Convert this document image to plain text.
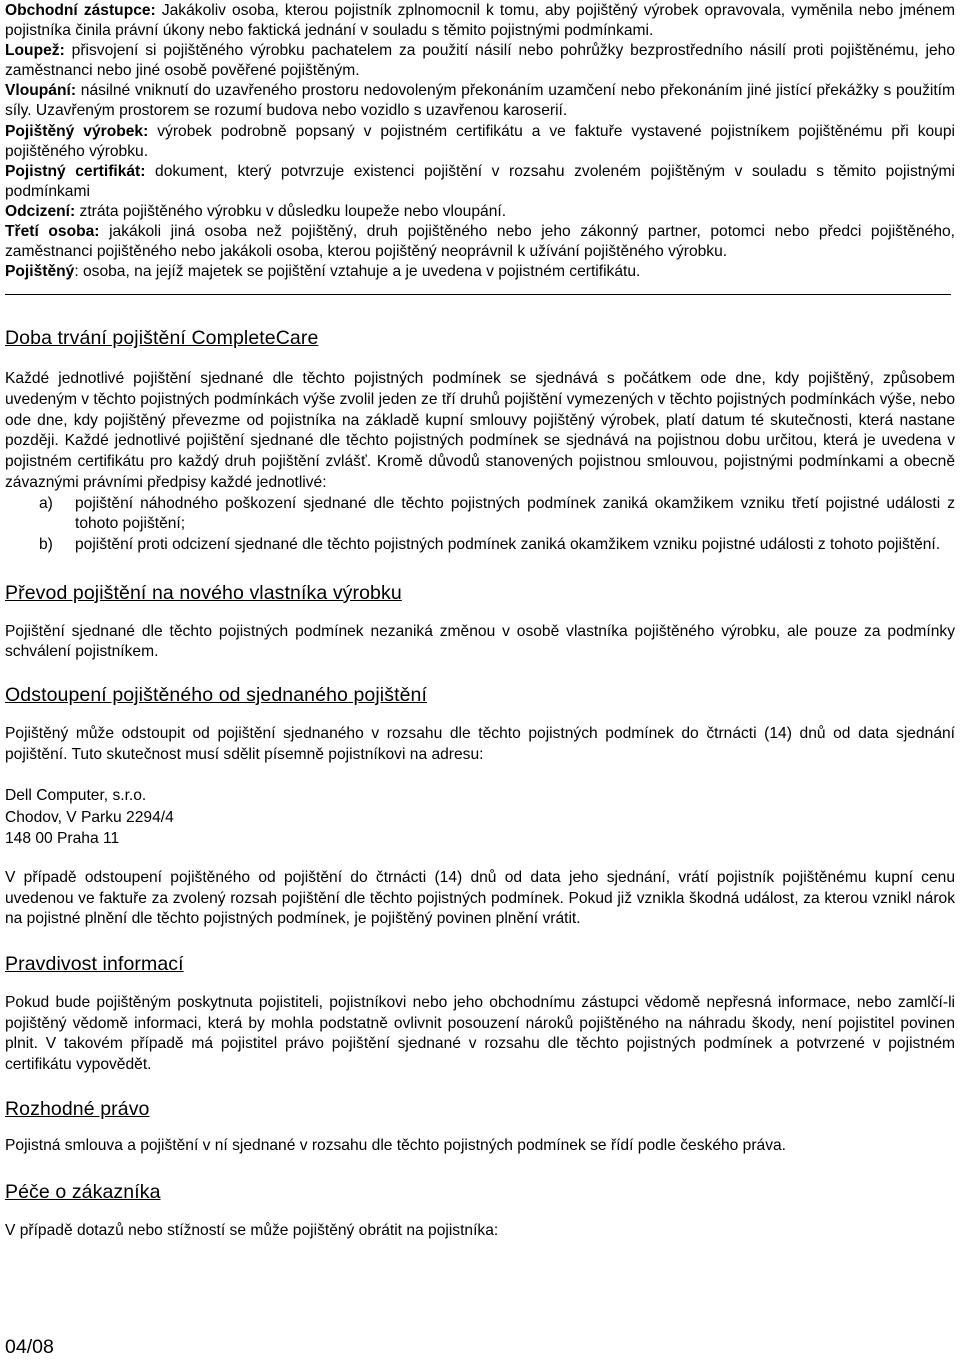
Obchodní zástupce: Jakákoliv osoba, kterou pojistník zplnomocnil k tomu, aby pojištěný výrobek opravovala, vyměnila nebo jménem pojistníka činila právní úkony nebo faktická jednání v souladu s těmito pojistnými podmínkami.

Loupež: přisvojení si pojištěného výrobku pachatelem za použití násilí nebo pohrůžky bezprostředního násilí proti pojištěnému, jeho zaměstnanci nebo jiné osobě pověřené pojištěným.

Vloupání: násilné vniknutí do uzavřeného prostoru nedovoleným překonáním uzamčení nebo překonáním jiné jistící překážky s použitím síly. Uzavřeným prostorem se rozumí budova nebo vozidlo s uzavřenou karoserií.

Pojištěný výrobek: výrobek podrobně popsaný v pojistném certifikátu a ve faktuře vystavené pojistníkem pojištěnému při koupi pojištěného výrobku.

Pojistný certifikát: dokument, který potvrzuje existenci pojištění v rozsahu zvoleném pojištěným v souladu s těmito pojistnými podmínkami

Odcizení: ztráta pojištěného výrobku v důsledku loupeže nebo vloupání.

Třetí osoba: jakákoli jiná osoba než pojištěný, druh pojištěného nebo jeho zákonný partner, potomci nebo předci pojištěného, zaměstnanci pojištěného nebo jakákoli osoba, kterou pojištěný neoprávnil k užívání pojištěného výrobku.

Pojištěný: osoba, na jejíž majetek se pojištění vztahuje a je uvedena v pojistném certifikátu.

Doba trvání pojištění CompleteCare

Každé jednotlivé pojištění sjednané dle těchto pojistných podmínek se sjednává s počátkem ode dne, kdy pojištěný, způsobem uvedeným v těchto pojistných podmínkách výše zvolil jeden ze tří druhů pojištění vymezených v těchto pojistných podmínkách výše, nebo ode dne, kdy pojištěný převezme od pojistníka na základě kupní smlouvy pojištěný výrobek, platí datum té skutečnosti, která nastane později. Každé jednotlivé pojištění sjednané dle těchto pojistných podmínek se sjednává na pojistnou dobu určitou, která je uvedena v pojistném certifikátu pro každý druh pojištění zvlášť. Kromě důvodů stanovených pojistnou smlouvou, pojistnými podmínkami a obecně závaznými právními předpisy každé jednotlivé:

a) pojištění náhodného poškození sjednané dle těchto pojistných podmínek zaniká okamžikem vzniku třetí pojistné události z tohoto pojištění;
b) pojištění proti odcizení sjednané dle těchto pojistných podmínek zaniká okamžikem vzniku pojistné události z tohoto pojištění.
Převod pojištění na nového vlastníka výrobku

Pojištění sjednané dle těchto pojistných podmínek nezaniká změnou v osobě vlastníka pojištěného výrobku, ale pouze za podmínky schválení pojistníkem.

Odstoupení pojištěného od sjednaného pojištění

Pojištěný může odstoupit od pojištění sjednaného v rozsahu dle těchto pojistných podmínek do čtrnácti (14) dnů od data sjednání pojištění. Tuto skutečnost musí sdělit písemně pojistníkovi na adresu:

Dell Computer, s.r.o.

Chodov, V Parku 2294/4

148 00 Praha 11

V případě odstoupení pojištěného od pojištění do čtrnácti (14) dnů od data jeho sjednání, vrátí pojistník pojištěnému kupní cenu uvedenou ve faktuře za zvolený rozsah pojištění dle těchto pojistných podmínek. Pokud již vznikla škodná událost, za kterou vznikl nárok na pojistné plnění dle těchto pojistných podmínek, je pojištěný povinen plnění vrátit.

Pravdivost informací

Pokud bude pojištěným poskytnuta pojistiteli, pojistníkovi nebo jeho obchodnímu zástupci vědomě nepřesná informace, nebo zamlčí-li pojištěný vědomě informaci, která by mohla podstatně ovlivnit posouzení nároků pojištěného na náhradu škody, není pojistitel povinen plnit. V takovém případě má pojistitel právo pojištění sjednané v rozsahu dle těchto pojistných podmínek a potvrzené v pojistném certifikátu vypovědět.

Rozhodné právo

Pojistná smlouva a pojištění v ní sjednané v rozsahu dle těchto pojistných podmínek se řídí podle českého práva.

Péče o zákazníka

V případě dotazů nebo stížností se může pojištěný obrátit na pojistníka:

04/08
